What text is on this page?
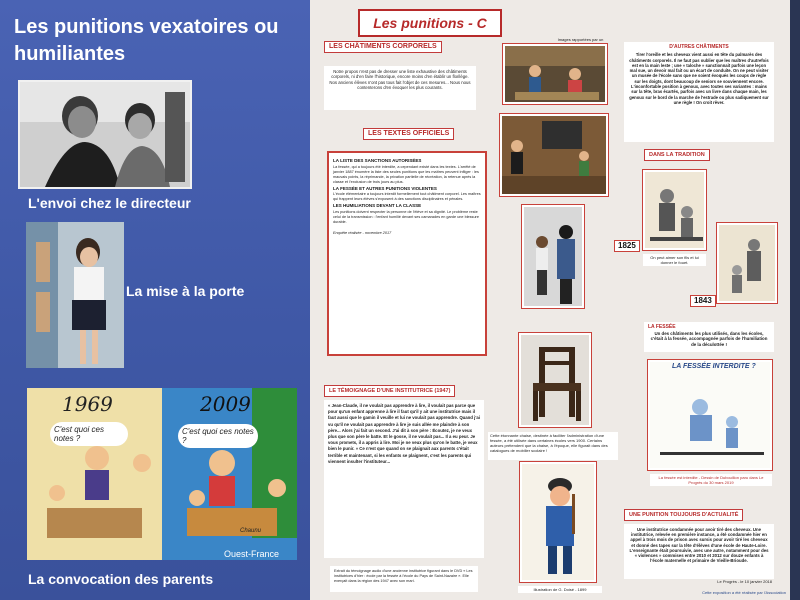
Les punitions vexatoires ou humiliantes
L'envoi chez le directeur
La mise à la porte
1969	2009
C'est quoi ces notes ?
C'est quoi ces notes ?
Chaunu
Ouest-France
La convocation des parents
Les punitions - C
LES CHÂTIMENTS CORPORELS
Notre propos n'est pas de dresser une liste exhaustive des châtiments corporels, ni d'en faire l'historique, encore moins d'en établir un florilège. Nos anciens élèves n'ont pas tous fait l'objet de ces mesures... Nous nous contenterons d'en évoquer les plus courants.
LES TEXTES OFFICIELS
LA LISTE DES SANCTIONS AUTORISÉES

La fessée, qui a toujours été interdite, a cependant existé dans les textes. L'arrêté de janvier 1887 énumère la liste des seules punitions que les maîtres peuvent infliger : les mauvais points, la réprimande, la privation partielle de récréation, la retenue après la classe et l'exclusion de trois jours au plus.

LA FESSÉE ET AUTRES PUNITIONS VIOLENTES

L'école élémentaire a toujours interdit formellement tout châtiment corporel. Les maîtres qui frappent leurs élèves s'exposent à des sanctions disciplinaires et pénales.

LES HUMILIATIONS DEVANT LA CLASSE

Les punitions doivent respecter la personne de l'élève et sa dignité. Le problème reste celui de la transmission : l'enfant humilié devant ses camarades en garde une blessure durable.

Enquête réalisée - novembre 2017

LE TÉMOIGNAGE D'UNE INSTITUTRICE (1947)
« Jean-Claude, il ne voulait pas apprendre à lire, il voulait pas parce que pour qu'un enfant apprenne à lire il faut qu'il y ait une institutrice mais il faut aussi que le gamin il veuille et lui ne voulait pas apprendre. Quand j'ai vu qu'il ne voulait pas apprendre à lire je suis allée me plaindre à son père... Alors j'ai fait un second. J'ai dit à son père : Écoutez, je ne veux plus que son père le batte. Et le gosse, il ne voulait pas... Il a eu peur. Je vous promets, il a appris à lire. Moi je ne veux plus qu'on le batte, je veux bien le punir. » Ce n'est que quand on se plaignait aux parents c'était terrible et maintenant, si les enfants se plaignent, c'est les parents qui viennent insulter l'instituteur...
Extrait du témoignage audio d'une ancienne institutrice figurant dans le DVD « Les institutrices d'hier : école par la fessée à l'école du Pays de Saint-Nazaire ». Elle exerçait dans la région des 1947 avec son mari.
Images rapportées par un
Cette étonnante chaise, destinée à faciliter l'administration d'une fessée, a été utilisée dans certaines écoles vers 1900. Certains auteurs prétendent que la chaise, à l'époque, elle figurait dans des catalogues de mobilier scolaire !
Illustration de G. Doisé - 1899
D'AUTRES CHÂTIMENTS
Tirer l'oreille et les cheveux vient aussi en tête du palmarès des châtiments corporels. Il ne faut pas oublier que les maîtres d'autrefois est en la main leste ; une « taloche » sanctionnait parfois une leçon mal sue, un devoir mal fait ou un écart de conduite. On ne peut visiter un musée de l'école sans que ne soient évoqués les coups de règle sur les doigts, dont beaucoup de seniors se souviennent encore. L'inconfortable position à genoux, avec toutes ses variantes : mains sur la tête, bras écartés, parfois avec un livre dans chaque main, les genoux sur le bord de la marche de l'estrade ou plus sadiquement sur une règle ! On croit rêver.
DANS LA TRADITION
1825
On peut aimer son fils et lui donner le fouet.
1843
LA FESSÉE
Un des châtiments les plus utilisés, dans les écoles, c'était à la fessée, accompagnée parfois de l'humiliation de la déculottée !
LA FESSÉE INTERDITE ?
La fessée est interdite - Dessin de Dubouillon paru dans Le Progrès du 30 mars 2019
UNE PUNITION TOUJOURS D'ACTUALITÉ
Une institutrice condamnée pour avoir tiré des cheveux. Une institutrice, relevée en première instance, a été condamnée hier en appel à trois mois de prison avec sursis pour avoir tiré les cheveux et donné des tapes sur la tête d'élèves d'une école de Haute-Loire. L'enseignante était poursuivie, avec une autre, notamment pour des « violences » commises entre 2010 et 2012 sur douze enfants à l'école maternelle et primaire de Vieille-Brioude.
Le Progrès - le 10 janvier 2018
Cette exposition a été réalisée par l'Association
